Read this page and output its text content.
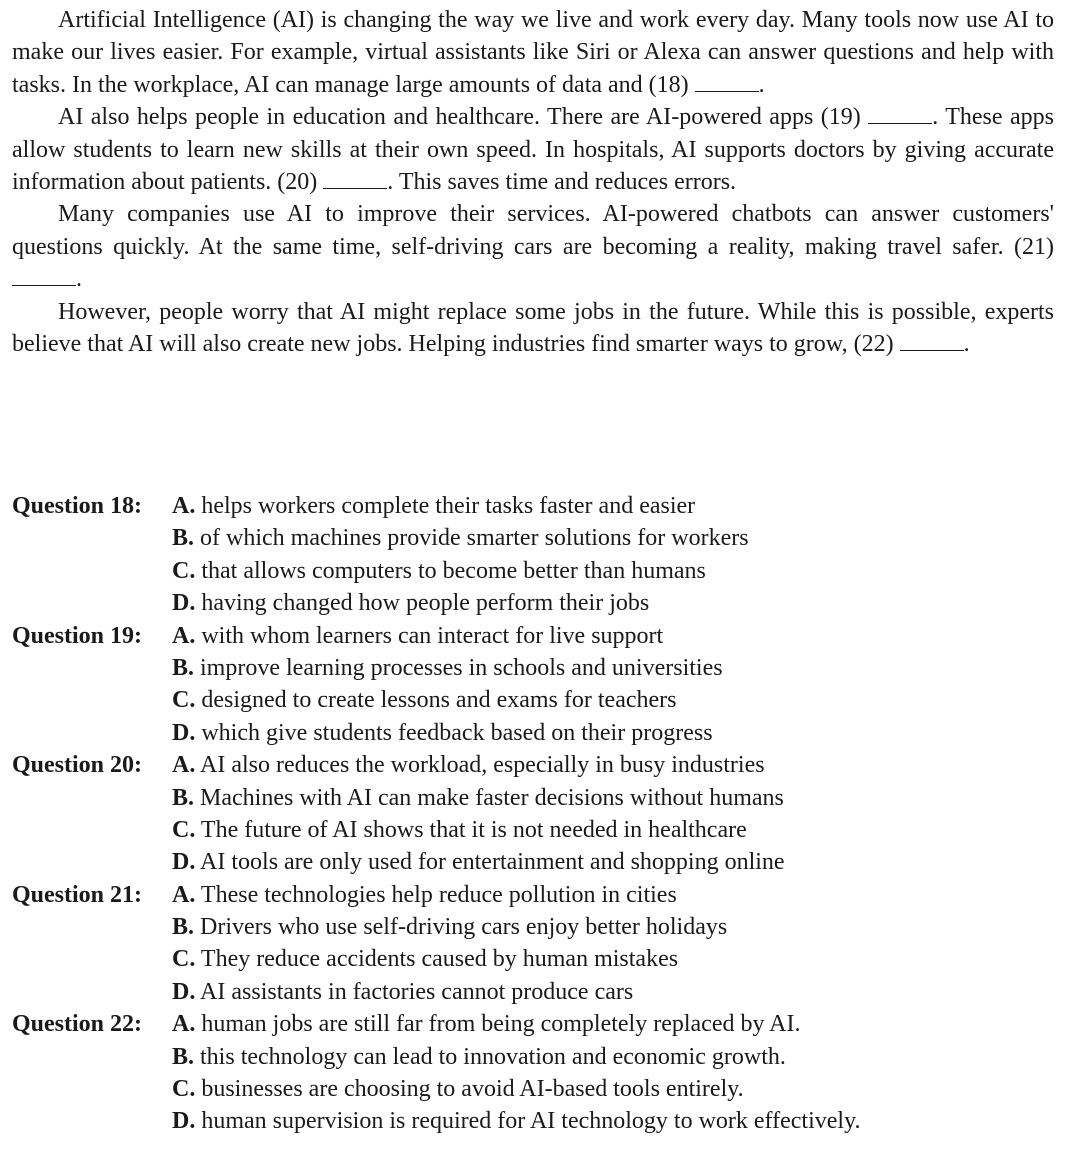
Artificial Intelligence (AI) is changing the way we live and work every day. Many tools now use AI to make our lives easier. For example, virtual assistants like Siri or Alexa can answer questions and help with tasks. In the workplace, AI can manage large amounts of data and (18)	.

AI also helps people in education and healthcare. There are AI-powered apps (19)	. These apps allow students to learn new skills at their own speed. In hospitals, AI supports doctors by giving accurate information about patients. (20)	. This saves time and reduces errors.

Many companies use AI to improve their services. AI-powered chatbots can answer customers' questions quickly. At the same time, self-driving cars are becoming a reality, making travel safer. (21) .

However, people worry that AI might replace some jobs in the future. While this is possible, experts believe that AI will also create new jobs. Helping industries find smarter ways to grow, (22)	.

Question 18:	A. helps workers complete their tasks faster and easier
B. of which machines provide smarter solutions for workers
C. that allows computers to become better than humans
D. having changed how people perform their jobs
Question 19:	A. with whom learners can interact for live support
B. improve learning processes in schools and universities
C. designed to create lessons and exams for teachers
D. which give students feedback based on their progress
Question 20:	A. AI also reduces the workload, especially in busy industries
B. Machines with AI can make faster decisions without humans
C. The future of AI shows that it is not needed in healthcare
D. AI tools are only used for entertainment and shopping online
Question 21:	A. These technologies help reduce pollution in cities
B. Drivers who use self-driving cars enjoy better holidays
C. They reduce accidents caused by human mistakes
D. AI assistants in factories cannot produce cars
Question 22:	A. human jobs are still far from being completely replaced by AI.
B. this technology can lead to innovation and economic growth.
C. businesses are choosing to avoid AI-based tools entirely.
D. human supervision is required for AI technology to work effectively.
